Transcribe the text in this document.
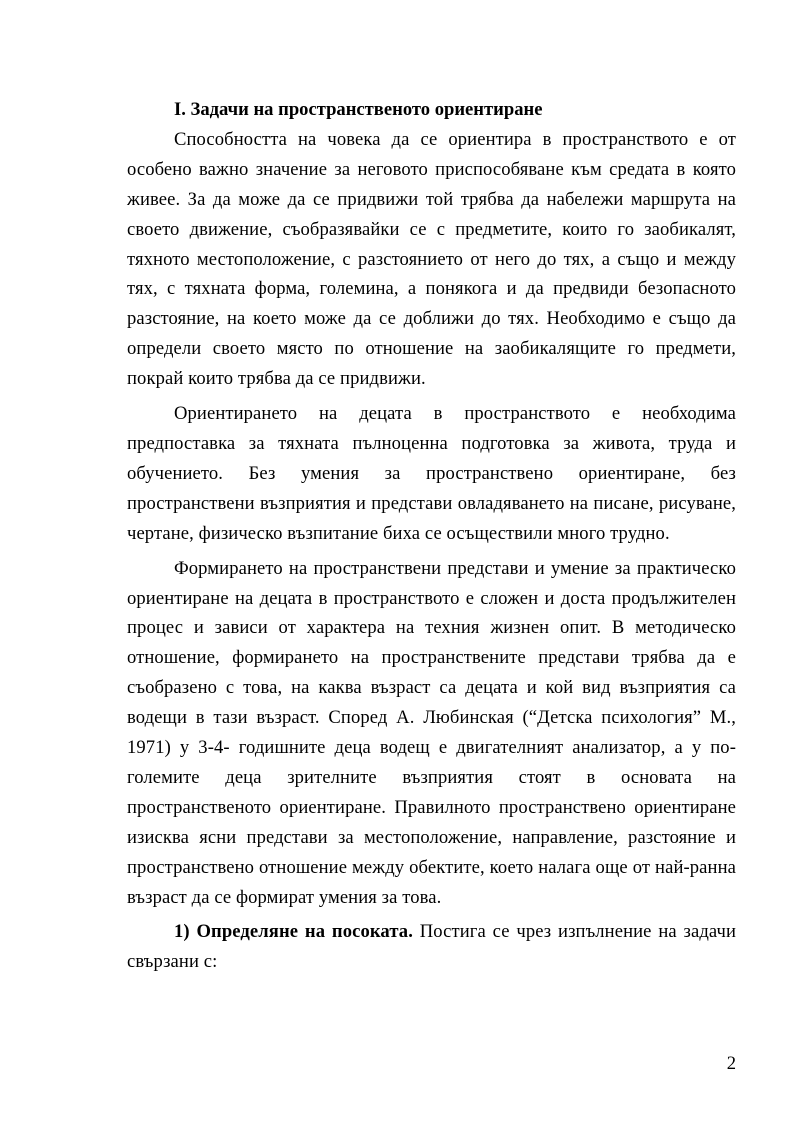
I. Задачи на пространственото ориентиране

Способността на човека да се ориентира в пространството е от особено важно значение за неговото приспособяване към средата в която живее. За да може да се придвижи той трябва да набележи маршрута на своето движение, съобразявайки се с предметите, които го заобикалят, тяхното местоположение, с разстоянието от него до тях, а също и между тях, с тяхната форма, големина, а понякога и да предвиди безопасното разстояние, на което може да се доближи до тях. Необходимо е също да определи своето място по отношение на заобикалящите го предмети, покрай които трябва да се придвижи.

Ориентирането на децата в пространството е необходима предпоставка за тяхната пълноценна подготовка за живота, труда и обучението. Без умения за пространствено ориентиране, без пространствени възприятия и представи овладяването на писане, рисуване, чертане, физическо възпитание биха се осъществили много трудно.

Формирането на пространствени представи и умение за практическо ориентиране на децата в пространството е сложен и доста продължителен процес и зависи от характера на техния жизнен опит. В методическо отношение, формирането на пространствените представи трябва да е съобразено с това, на каква възраст са децата и кой вид възприятия са водещи в тази възраст. Според А. Любинская (“Детска психология” М., 1971) у 3-4- годишните деца водещ е двигателният анализатор, а у по-големите деца зрителните възприятия стоят в основата на пространственото ориентиране. Правилното пространствено ориентиране изисква ясни представи за местоположение, направление, разстояние и пространствено отношение между обектите, което налага още от най-ранна възраст да се формират умения за това.

1) Определяне на посоката. Постига се чрез изпълнение на задачи свързани с:

2
